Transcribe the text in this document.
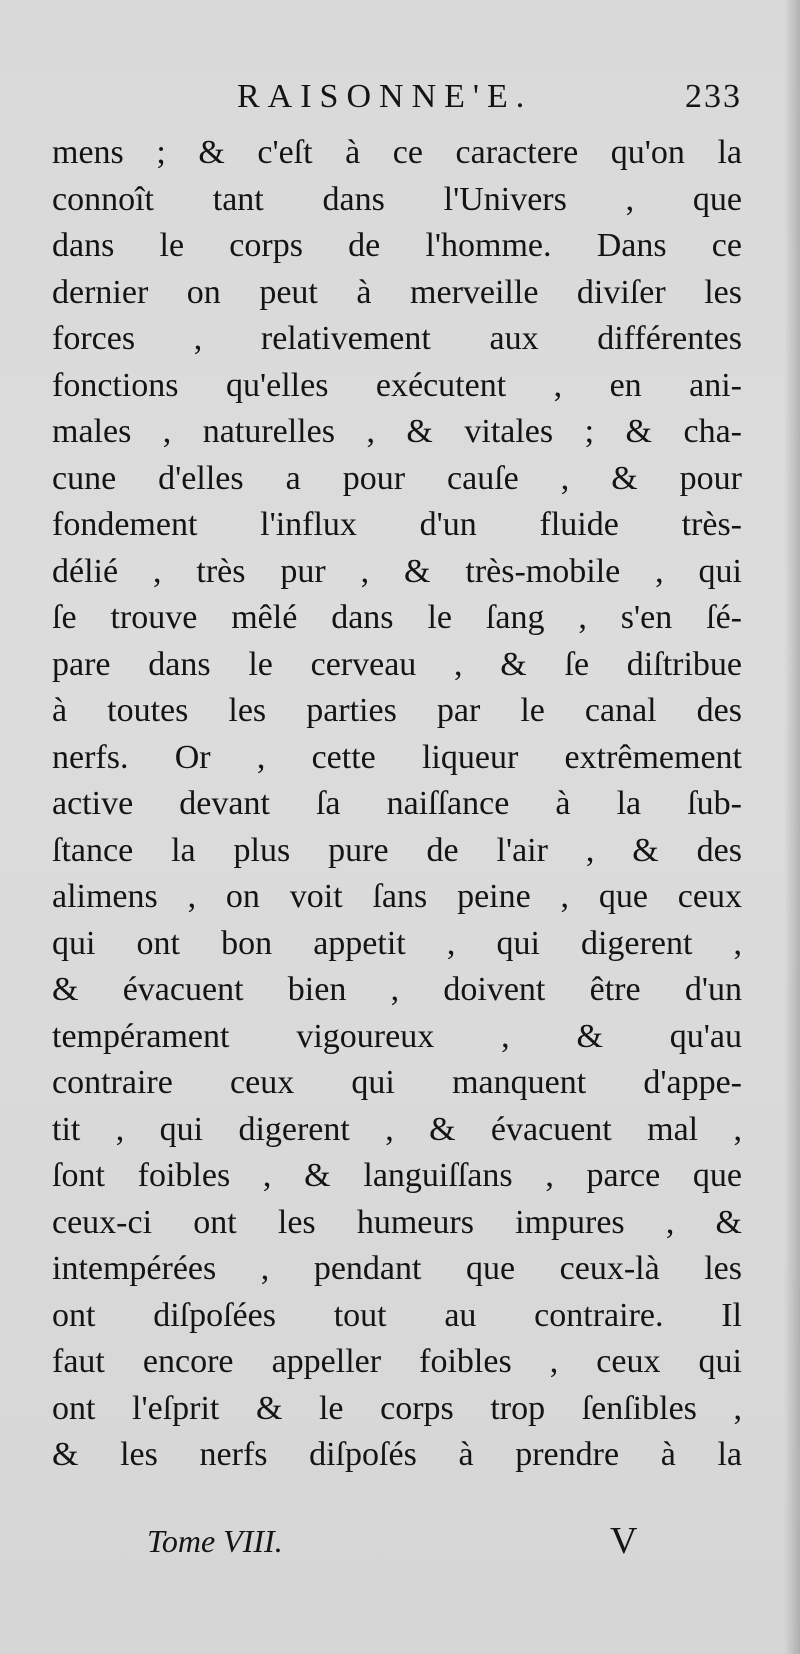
RAISONNE'E.	233
mens ; & c'eſt à ce caractere qu'on la
connoît tant dans l'Univers , que
dans le corps de l'homme. Dans ce
dernier on peut à merveille diviſer les
forces , relativement aux différentes
fonctions qu'elles exécutent , en ani-
males , naturelles , & vitales ; & cha-
cune d'elles a pour cauſe , & pour
fondement l'influx d'un fluide très-
délié , très pur , & très-mobile , qui
ſe trouve mêlé dans le ſang , s'en ſé-
pare dans le cerveau , & ſe diſtribue
à toutes les parties par le canal des
nerfs. Or , cette liqueur extrêmement
active devant ſa naiſſance à la ſub-
ſtance la plus pure de l'air , & des
alimens , on voit ſans peine , que ceux
qui ont bon appetit , qui digerent ,
& évacuent bien , doivent être d'un
tempérament vigoureux , & qu'au
contraire ceux qui manquent d'appe-
tit , qui digerent , & évacuent mal ,
ſont foibles , & languiſſans , parce que
ceux-ci ont les humeurs impures , &
intempérées , pendant que ceux-là les
ont diſpoſées tout au contraire. Il
faut encore appeller foibles , ceux qui
ont l'eſprit & le corps trop ſenſibles ,
& les nerfs diſpoſés à prendre à la
Tome VIII.	V
